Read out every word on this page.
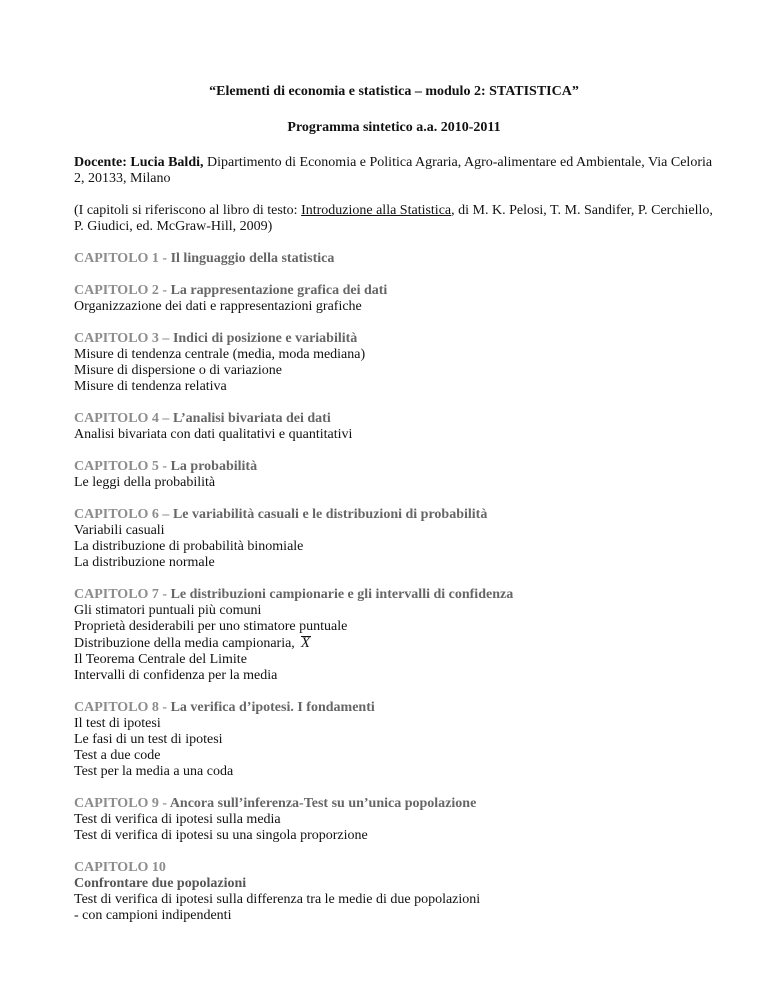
“Elementi di economia e statistica – modulo 2: STATISTICA”

Programma sintetico a.a. 2010-2011

Docente: Lucia Baldi, Dipartimento di Economia e Politica Agraria, Agro-alimentare ed Ambientale, Via Celoria 2, 20133, Milano

(I capitoli si riferiscono al libro di testo: Introduzione alla Statistica, di M. K. Pelosi, T. M. Sandifer, P. Cerchiello, P. Giudici, ed. McGraw-Hill, 2009)

CAPITOLO 1 - Il linguaggio della statistica
CAPITOLO 2 - La rappresentazione grafica dei dati
Organizzazione dei dati e rappresentazioni grafiche
CAPITOLO 3 – Indici di posizione e variabilità
Misure di tendenza centrale (media, moda mediana)
Misure di dispersione o di variazione
Misure di tendenza relativa
CAPITOLO 4 – L’analisi bivariata dei dati
Analisi bivariata con dati qualitativi e quantitativi
CAPITOLO 5 - La probabilità
Le leggi della probabilità
CAPITOLO 6 – Le variabilità casuali e le distribuzioni di probabilità
Variabili casuali
La distribuzione di probabilità binomiale
La distribuzione normale
CAPITOLO 7 - Le distribuzioni campionarie e gli intervalli di confidenza
Gli stimatori puntuali più comuni
Proprietà desiderabili per uno stimatore puntuale
Distribuzione della media campionaria, X
Il Teorema Centrale del Limite
Intervalli di confidenza per la media
CAPITOLO 8 - La verifica d’ipotesi. I fondamenti
Il test di ipotesi
Le fasi di un test di ipotesi
Test a due code
Test per la media a una coda
CAPITOLO 9 - Ancora sull’inferenza-Test su un’unica popolazione
Test di verifica di ipotesi sulla media
Test di verifica di ipotesi su una singola proporzione
CAPITOLO 10
Confrontare due popolazioni
Test di verifica di ipotesi sulla differenza tra le medie di due popolazioni
- con campioni indipendenti
